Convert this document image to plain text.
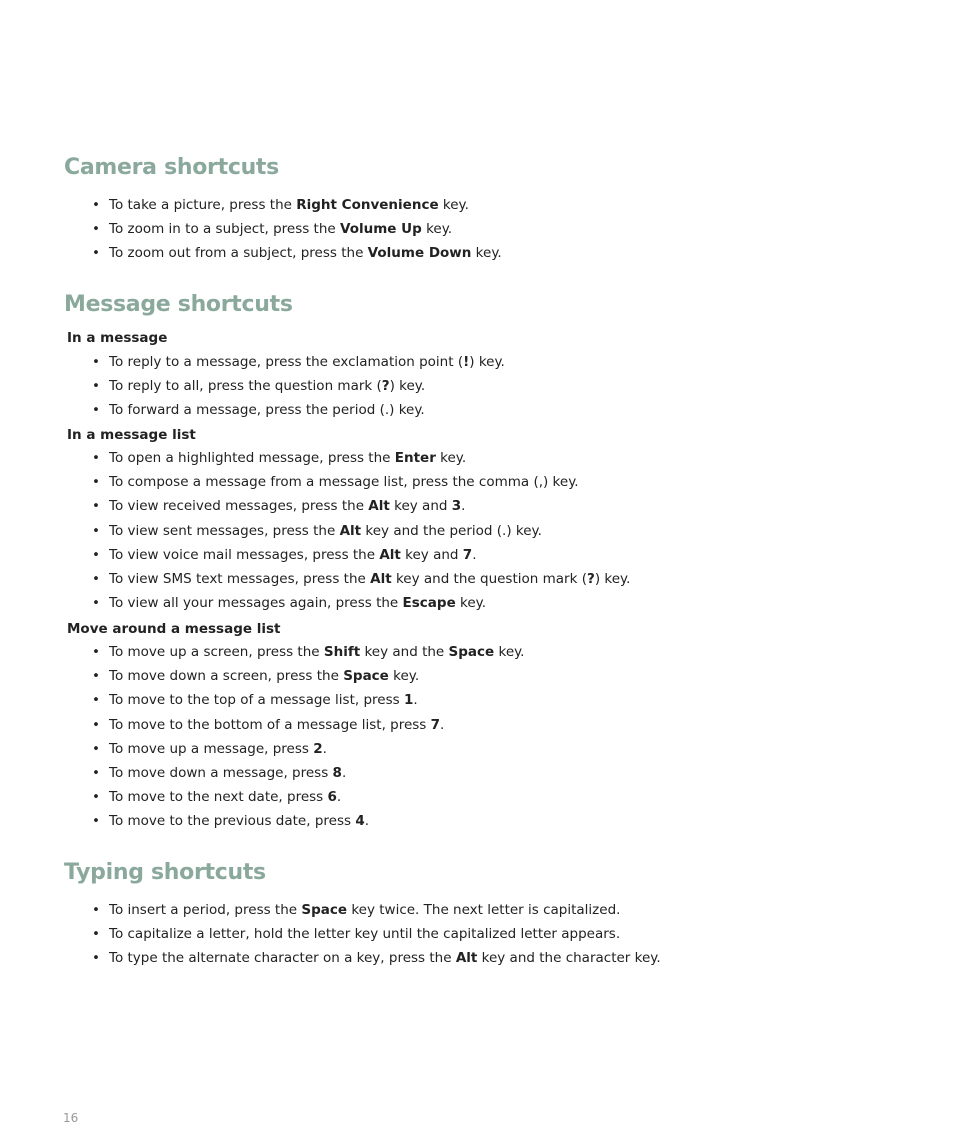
Camera shortcuts
• To take a picture, press the Right Convenience key.
• To zoom in to a subject, press the Volume Up key.
• To zoom out from a subject, press the Volume Down key.
Message shortcuts
In a message
• To reply to a message, press the exclamation point (!) key.
• To reply to all, press the question mark (?) key.
• To forward a message, press the period (.) key.
In a message list
• To open a highlighted message, press the Enter key.
• To compose a message from a message list, press the comma (,) key.
• To view received messages, press the Alt key and 3.
• To view sent messages, press the Alt key and the period (.) key.
• To view voice mail messages, press the Alt key and 7.
• To view SMS text messages, press the Alt key and the question mark (?) key.
• To view all your messages again, press the Escape key.
Move around a message list
• To move up a screen, press the Shift key and the Space key.
• To move down a screen, press the Space key.
• To move to the top of a message list, press 1.
• To move to the bottom of a message list, press 7.
• To move up a message, press 2.
• To move down a message, press 8.
• To move to the next date, press 6.
• To move to the previous date, press 4.
Typing shortcuts
• To insert a period, press the Space key twice. The next letter is capitalized.
• To capitalize a letter, hold the letter key until the capitalized letter appears.
• To type the alternate character on a key, press the Alt key and the character key.
16
